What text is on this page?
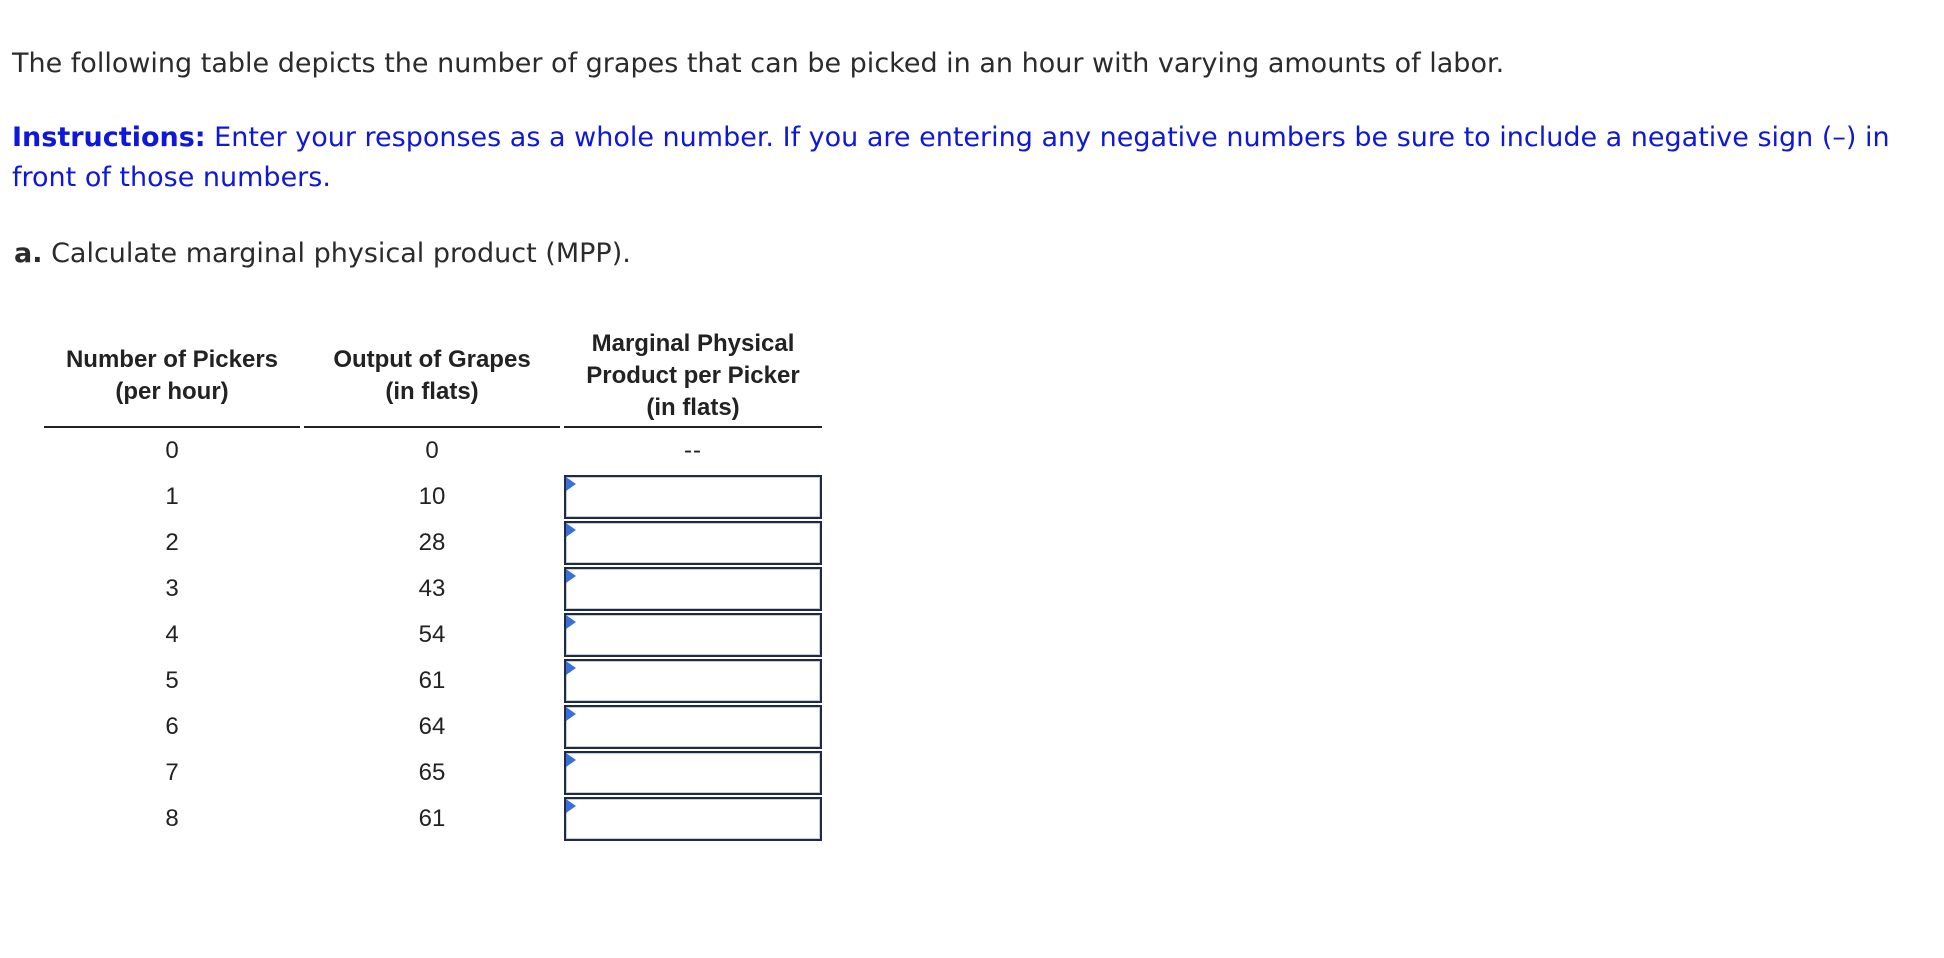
The following table depicts the number of grapes that can be picked in an hour with varying amounts of labor.
Instructions: Enter your responses as a whole number. If you are entering any negative numbers be sure to include a negative sign (–) in front of those numbers.
a. Calculate marginal physical product (MPP).
Number of Pickers
(per hour)		Output of Grapes
(in flats)		Marginal Physical
Product per Picker
(in flats)
0		0		--
1		10		

2		28		

3		43		

4		54		

5		61		

6		64		

7		65		

8		61		
